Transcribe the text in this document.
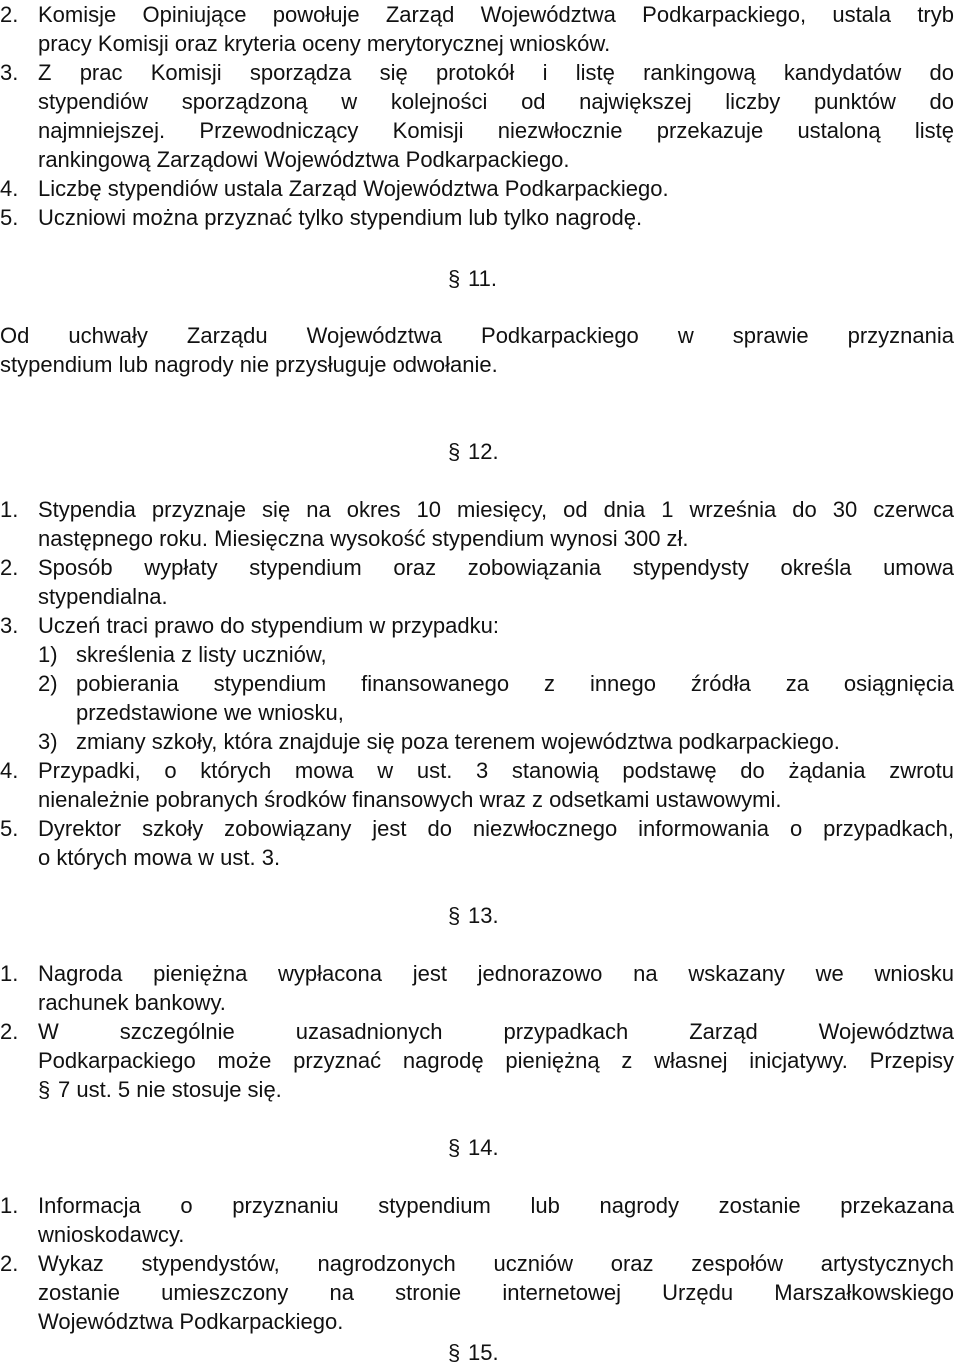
2. Komisje Opiniujące powołuje Zarząd Województwa Podkarpackiego, ustala tryb
pracy Komisji oraz kryteria oceny merytorycznej wniosków.
3. Z prac Komisji sporządza się protokół i listę rankingową kandydatów do
stypendiów sporządzoną w kolejności od największej liczby punktów do
najmniejszej. Przewodniczący Komisji niezwłocznie przekazuje ustaloną listę
rankingową Zarządowi Województwa Podkarpackiego.
4. Liczbę stypendiów ustala Zarząd Województwa Podkarpackiego.
5. Uczniowi można przyznać tylko stypendium lub tylko nagrodę.
§ 11.
Od uchwały Zarządu Województwa Podkarpackiego w sprawie przyznania
stypendium lub nagrody nie przysługuje odwołanie.
§ 12.
1. Stypendia przyznaje się na okres 10 miesięcy, od dnia 1 września do 30 czerwca
następnego roku. Miesięczna wysokość stypendium wynosi 300 zł.
2. Sposób wypłaty stypendium oraz zobowiązania stypendysty określa umowa
stypendialna.
3. Uczeń traci prawo do stypendium w przypadku:
1) skreślenia z listy uczniów,
2) pobierania stypendium finansowanego z innego źródła za osiągnięcia
przedstawione we wniosku,
3) zmiany szkoły, która znajduje się poza terenem województwa podkarpackiego.
4. Przypadki, o których mowa w ust. 3 stanowią podstawę do żądania zwrotu
nienależnie pobranych środków finansowych wraz z odsetkami ustawowymi.
5. Dyrektor szkoły zobowiązany jest do niezwłocznego informowania o przypadkach,
o których mowa w ust. 3.
§ 13.
1. Nagroda pieniężna wypłacona jest jednorazowo na wskazany we wniosku
rachunek bankowy.
2. W szczególnie uzasadnionych przypadkach Zarząd Województwa
Podkarpackiego może przyznać nagrodę pieniężną z własnej inicjatywy. Przepisy
§ 7 ust. 5 nie stosuje się.
§ 14.
1. Informacja o przyznaniu stypendium lub nagrody zostanie przekazana
wnioskodawcy.
2. Wykaz stypendystów, nagrodzonych uczniów oraz zespołów artystycznych
zostanie umieszczony na stronie internetowej Urzędu Marszałkowskiego
Województwa Podkarpackiego.
§ 15.
